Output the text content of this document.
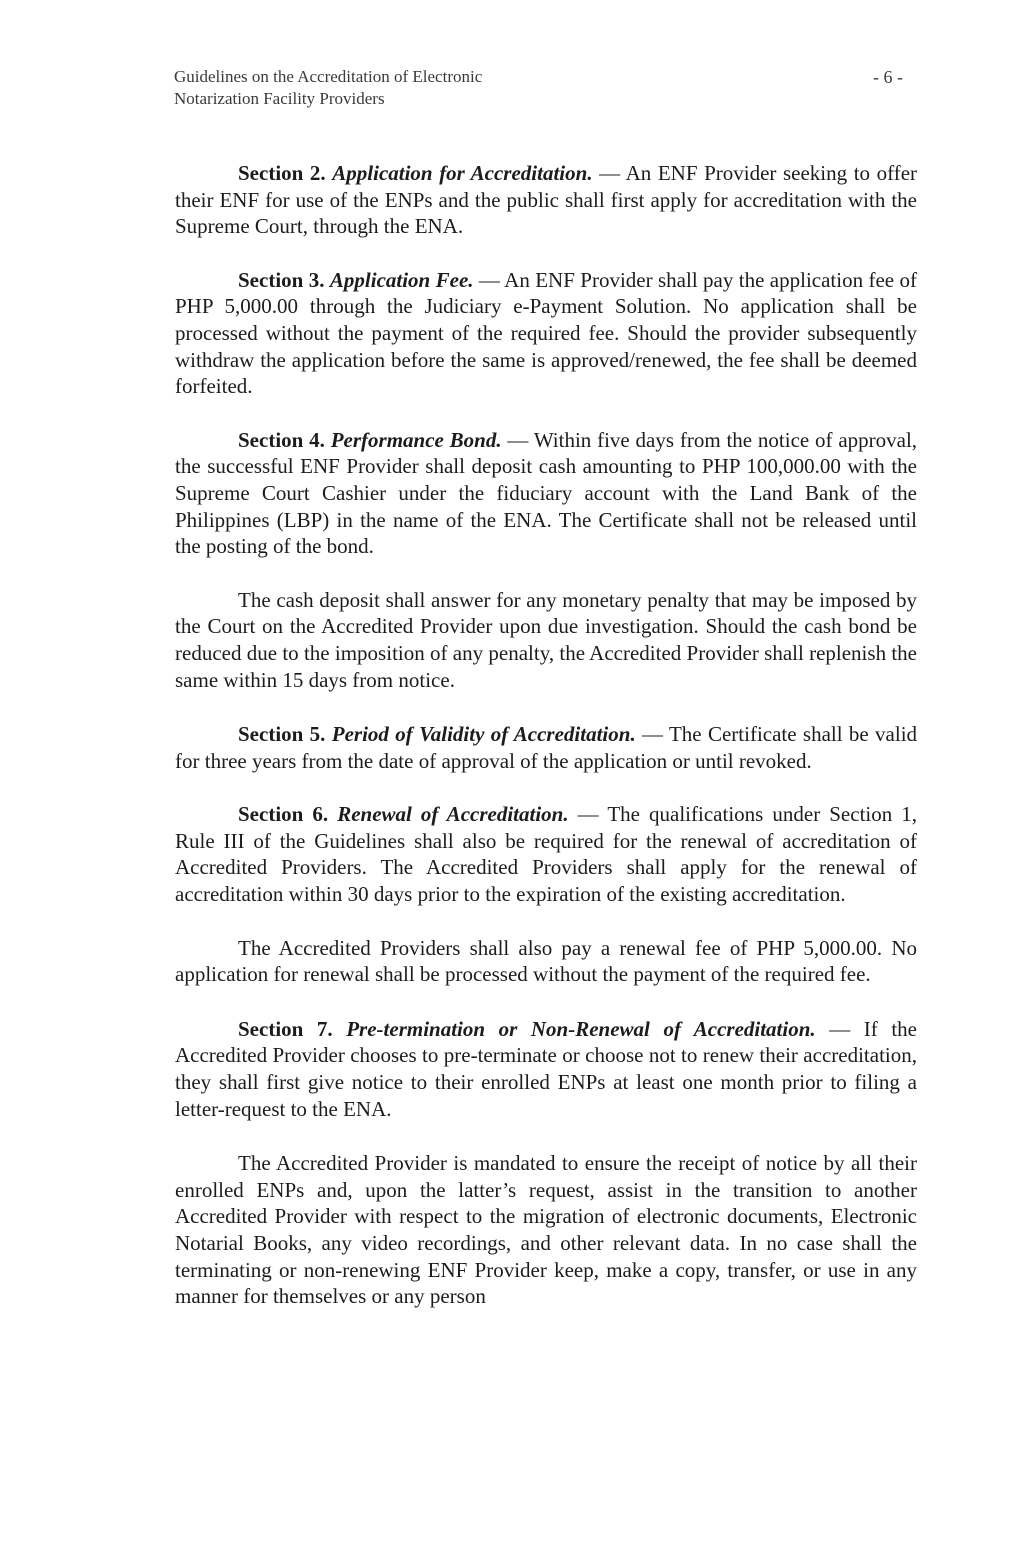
Guidelines on the Accreditation of Electronic
Notarization Facility Providers
- 6 -

Section 2. Application for Accreditation. — An ENF Provider seeking to offer their ENF for use of the ENPs and the public shall first apply for accreditation with the Supreme Court, through the ENA.

Section 3. Application Fee. — An ENF Provider shall pay the application fee of PHP 5,000.00 through the Judiciary e-Payment Solution. No application shall be processed without the payment of the required fee. Should the provider subsequently withdraw the application before the same is approved/renewed, the fee shall be deemed forfeited.

Section 4. Performance Bond. — Within five days from the notice of approval, the successful ENF Provider shall deposit cash amounting to PHP 100,000.00 with the Supreme Court Cashier under the fiduciary account with the Land Bank of the Philippines (LBP) in the name of the ENA. The Certificate shall not be released until the posting of the bond.

The cash deposit shall answer for any monetary penalty that may be imposed by the Court on the Accredited Provider upon due investigation. Should the cash bond be reduced due to the imposition of any penalty, the Accredited Provider shall replenish the same within 15 days from notice.

Section 5. Period of Validity of Accreditation. — The Certificate shall be valid for three years from the date of approval of the application or until revoked.

Section 6. Renewal of Accreditation. — The qualifications under Section 1, Rule III of the Guidelines shall also be required for the renewal of accreditation of Accredited Providers. The Accredited Providers shall apply for the renewal of accreditation within 30 days prior to the expiration of the existing accreditation.

The Accredited Providers shall also pay a renewal fee of PHP 5,000.00. No application for renewal shall be processed without the payment of the required fee.

Section 7. Pre-termination or Non-Renewal of Accreditation. — If the Accredited Provider chooses to pre-terminate or choose not to renew their accreditation, they shall first give notice to their enrolled ENPs at least one month prior to filing a letter-request to the ENA.

The Accredited Provider is mandated to ensure the receipt of notice by all their enrolled ENPs and, upon the latter’s request, assist in the transition to another Accredited Provider with respect to the migration of electronic documents, Electronic Notarial Books, any video recordings, and other relevant data. In no case shall the terminating or non-renewing ENF Provider keep, make a copy, transfer, or use in any manner for themselves or any person
